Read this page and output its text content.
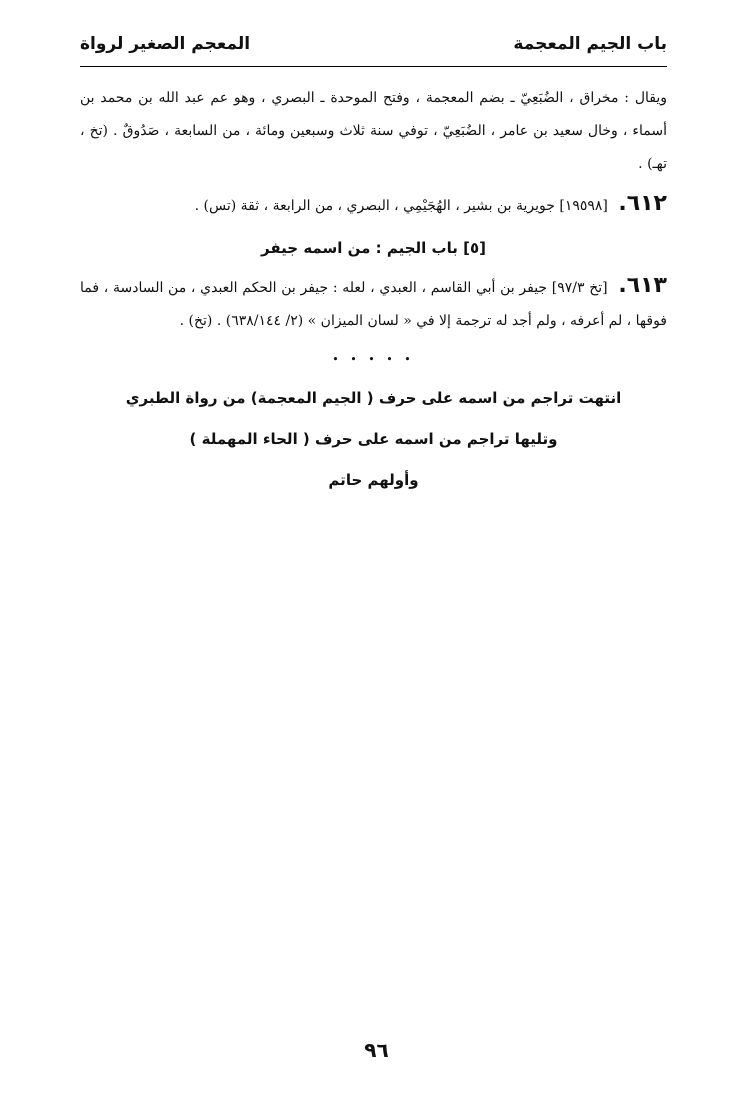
باب الجيم المعجمة
المعجم الصغير لرواة

ويقال : مخراق ، الضُبَعِيّ ـ بضم المعجمة ، وفتح الموحدة ـ البصري ، وهو عم عبد الله بن محمد بن أسماء ، وخال سعيد بن عامر ، الضُبَعِيّ ، توفي سنة ثلاث وسبعين ومائة ، من السابعة ، صَدُوقٌ . (تخ ، تهـ) .

٦١٢. [١٩٥٩٨] جويرية بن بشير ، الهُجَيْمِي ، البصري ، من الرابعة ، ثقة (تس) .

[٥] باب الجيم : من اسمه جيفر

٦١٣. [تخ ٩٧/٣] جيفر بن أبي القاسم ، العبدي ، لعله : جيفر بن الحكم العبدي ، من السادسة ، فما فوقها ، لم أعرفه ، ولم أجد له ترجمة إلا في « لسان الميزان » (٢/ ٦٣٨/١٤٤) . (تخ) .

• • • • •

انتهت تراجم من اسمه على حرف ( الجيم المعجمة) من رواة الطبري

وتليها تراجم من اسمه على حرف ( الحاء المهملة )

وأولهم حاتم

٩٦
